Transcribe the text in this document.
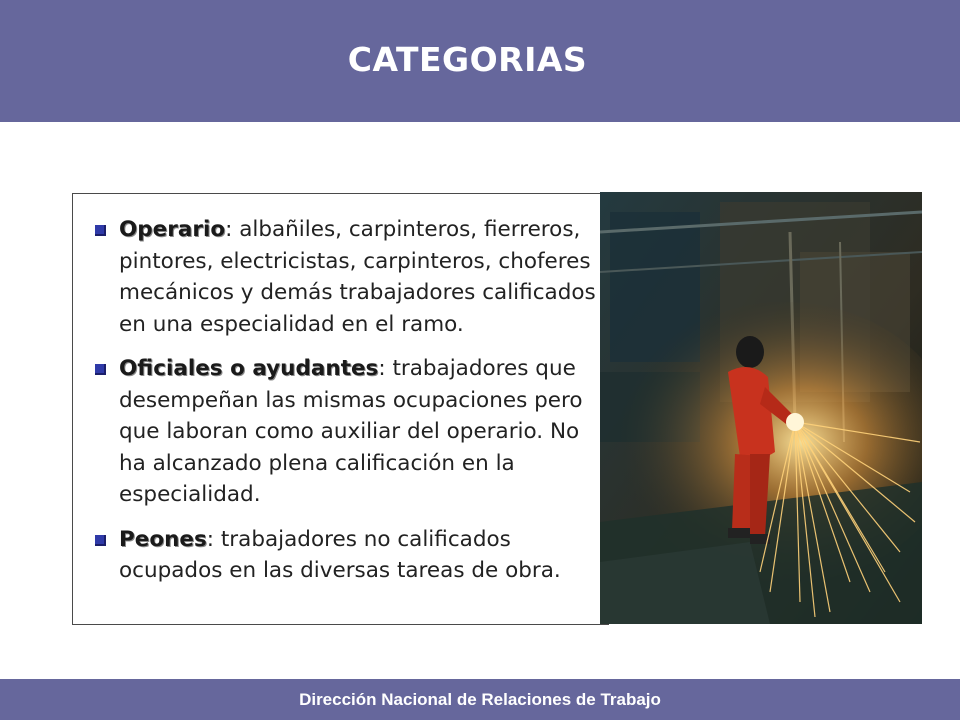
CATEGORIAS
Operario: albañiles, carpinteros, fierreros, pintores, electricistas, carpinteros, choferes mecánicos y demás trabajadores calificados en una especialidad en el ramo.
Oficiales o ayudantes: trabajadores que desempeñan las mismas ocupaciones pero que laboran como auxiliar del operario. No ha alcanzado plena calificación en la especialidad.
Peones: trabajadores no calificados ocupados en las diversas tareas de obra.
Dirección Nacional de Relaciones de Trabajo
